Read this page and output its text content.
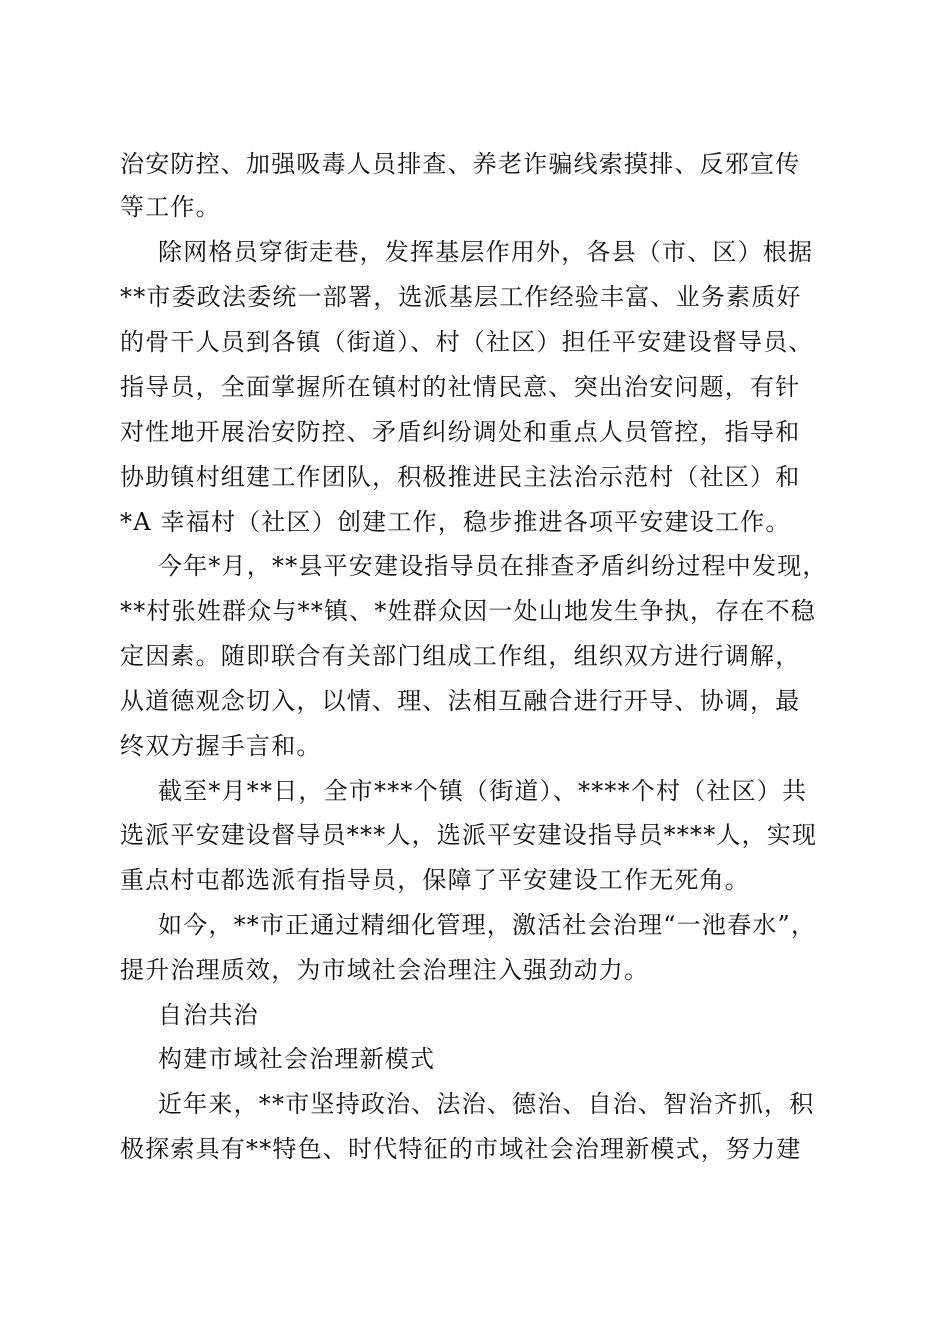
治安防控、加强吸毒人员排查、养老诈骗线索摸排、反邪宣传
等工作。
除网格员穿街走巷，发挥基层作用外，各县（市、区）根据
**市委政法委统一部署，选派基层工作经验丰富、业务素质好
的骨干人员到各镇（街道）、村（社区）担任平安建设督导员、
指导员，全面掌握所在镇村的社情民意、突出治安问题，有针
对性地开展治安防控、矛盾纠纷调处和重点人员管控，指导和
协助镇村组建工作团队，积极推进民主法治示范村（社区）和
*A 幸福村（社区）创建工作，稳步推进各项平安建设工作。
今年*月，**县平安建设指导员在排查矛盾纠纷过程中发现，
**村张姓群众与**镇、*姓群众因一处山地发生争执，存在不稳
定因素。随即联合有关部门组成工作组，组织双方进行调解，
从道德观念切入，以情、理、法相互融合进行开导、协调，最
终双方握手言和。
截至*月**日，全市***个镇（街道）、****个村（社区）共
选派平安建设督导员***人，选派平安建设指导员****人，实现
重点村屯都选派有指导员，保障了平安建设工作无死角。
如今，**市正通过精细化管理，激活社会治理“一池春水”，
提升治理质效，为市域社会治理注入强劲动力。
自治共治
构建市域社会治理新模式
近年来，**市坚持政治、法治、德治、自治、智治齐抓，积
极探索具有**特色、时代特征的市域社会治理新模式，努力建
